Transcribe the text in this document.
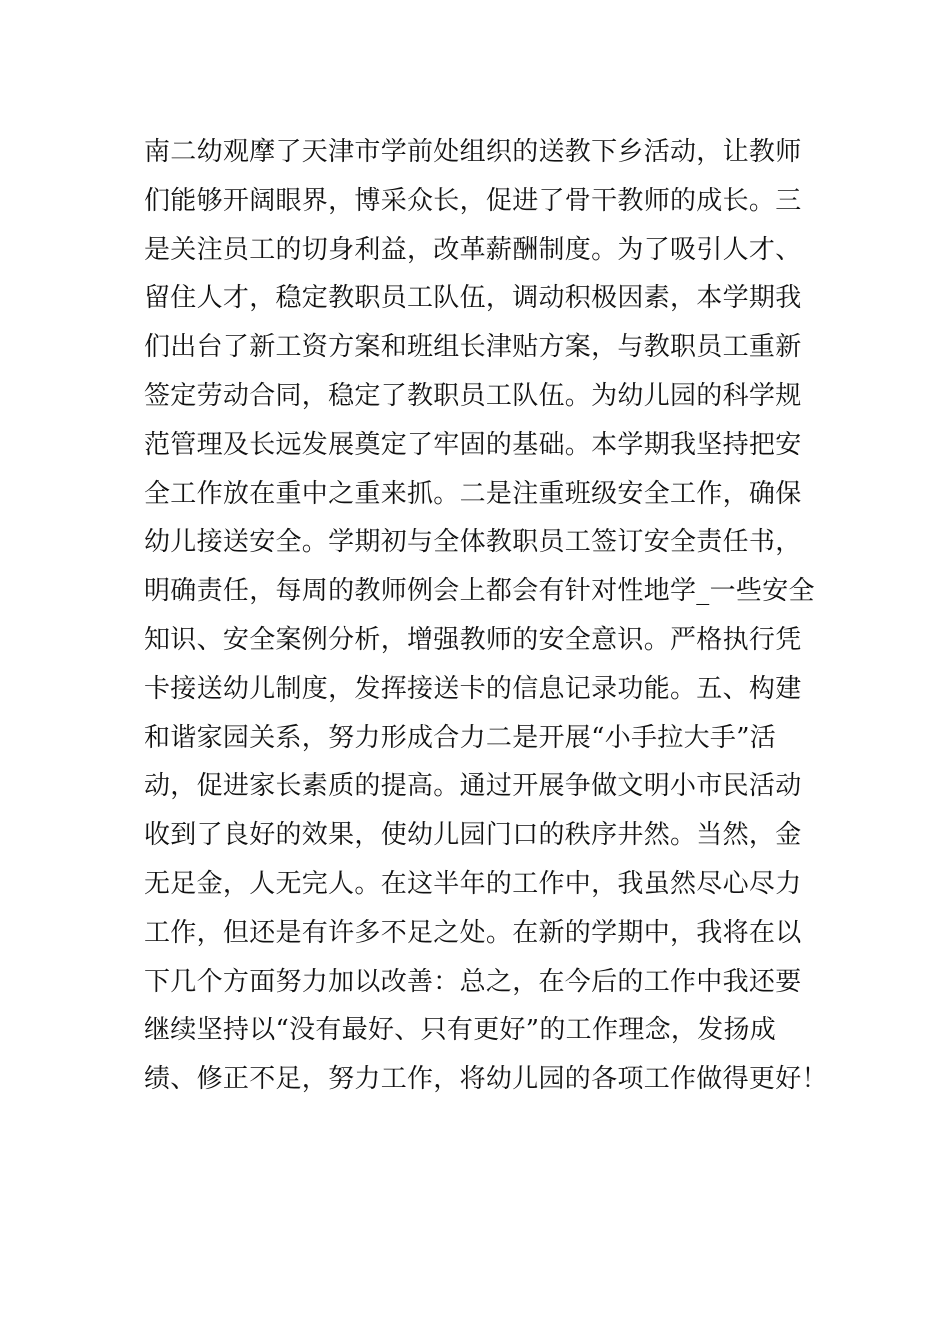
南二幼观摩了天津市学前处组织的送教下乡活动，让教师
们能够开阔眼界，博采众长，促进了骨干教师的成长。三
是关注员工的切身利益，改革薪酬制度。为了吸引人才、
留住人才，稳定教职员工队伍，调动积极因素，本学期我
们出台了新工资方案和班组长津贴方案，与教职员工重新
签定劳动合同，稳定了教职员工队伍。为幼儿园的科学规
范管理及长远发展奠定了牢固的基础。本学期我坚持把安
全工作放在重中之重来抓。二是注重班级安全工作，确保
幼儿接送安全。学期初与全体教职员工签订安全责任书，
明确责任，每周的教师例会上都会有针对性地学_一些安全
知识、安全案例分析，增强教师的安全意识。严格执行凭
卡接送幼儿制度，发挥接送卡的信息记录功能。五、构建
和谐家园关系，努力形成合力二是开展“小手拉大手”活
动，促进家长素质的提高。通过开展争做文明小市民活动
收到了良好的效果，使幼儿园门口的秩序井然。当然，金
无足金，人无完人。在这半年的工作中，我虽然尽心尽力
工作，但还是有许多不足之处。在新的学期中，我将在以
下几个方面努力加以改善：总之，在今后的工作中我还要
继续坚持以“没有最好、只有更好”的工作理念，发扬成
绩、修正不足，努力工作，将幼儿园的各项工作做得更好！
